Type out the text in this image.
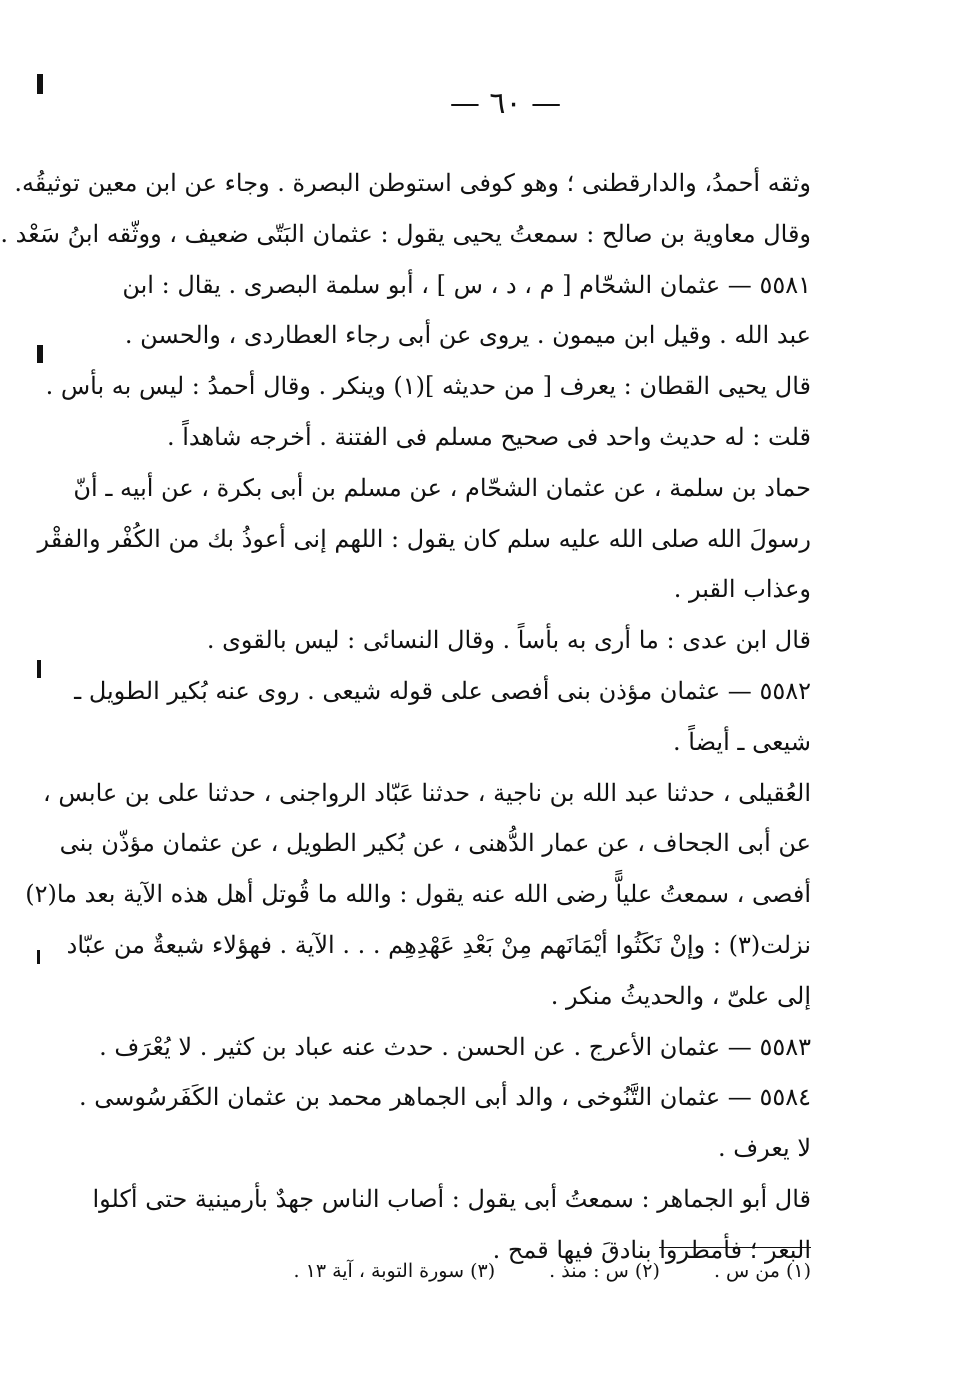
— ٦٠ —
وثقه أحمدُ، والدارقطنى ؛ وهو كوفى استوطن البصرة . وجاء عن ابن معين توثيقُه.
وقال معاوية بن صالح : سمعتُ يحيى يقول : عثمان البَتّى ضعيف ، ووثّقه ابنُ سَعْد .
٥٥٨١ — عثمان الشحّام [ م ، د ، س ] ، أبو سلمة البصرى . يقال : ابن
عبد الله . وقيل ابن ميمون . يروى عن أبى رجاء العطاردى ، والحسن .
قال يحيى القطان : يعرف [ من حديثه ](١) وينكر . وقال أحمدُ : ليس به بأس .
قلت : له حديث واحد فى صحيح مسلم فى الفتنة . أخرجه شاهداً .
حماد بن سلمة ، عن عثمان الشحّام ، عن مسلم بن أبى بكرة ، عن أبيه ـ أنّ
رسولَ الله صلى الله عليه سلم كان يقول : اللهم إنى أعوذُ بك من الكُفْر والفقْر
وعذاب القبر .
قال ابن عدى : ما أرى به بأساً . وقال النسائى : ليس بالقوى .
٥٥٨٢ — عثمان مؤذن بنى أفصى على قوله شيعى . روى عنه بُكير الطويل ـ
شيعى ـ أيضاً .
العُقيلى ، حدثنا عبد الله بن ناجية ، حدثنا عَبّاد الرواجنى ، حدثنا على بن عابس ،
عن أبى الجحاف ، عن عمار الدُّهنى ، عن بُكير الطويل ، عن عثمان مؤذّن بنى
أفصى ، سمعتُ علياًّ رضى الله عنه يقول : والله ما قُوتل أهل هذه الآية بعد ما(٢)
نزلت(٣) : وإنْ نَكَثُوا أيْمَانَهم مِنْ بَعْدِ عَهْدِهِم . . . الآية . فهؤلاء شيعةٌ من عبّاد
إلى علىّ ، والحديثُ منكر .
٥٥٨٣ — عثمان الأعرج . عن الحسن . حدث عنه عباد بن كثير . لا يُعْرَف .
٥٥٨٤ — عثمان التَّنُوخى ، والد أبى الجماهر محمد بن عثمان الكَفَرسُوسى .
لا يعرف .
قال أبو الجماهر : سمعتُ أبى يقول : أصاب الناس جهدٌ بأرمينية حتى أكلوا
البعر ؛ فأمطروا بنادقَ فيها قمح .
(١) من س . (٢) س : منذ . (٣) سورة التوبة ، آية ١٣ .
